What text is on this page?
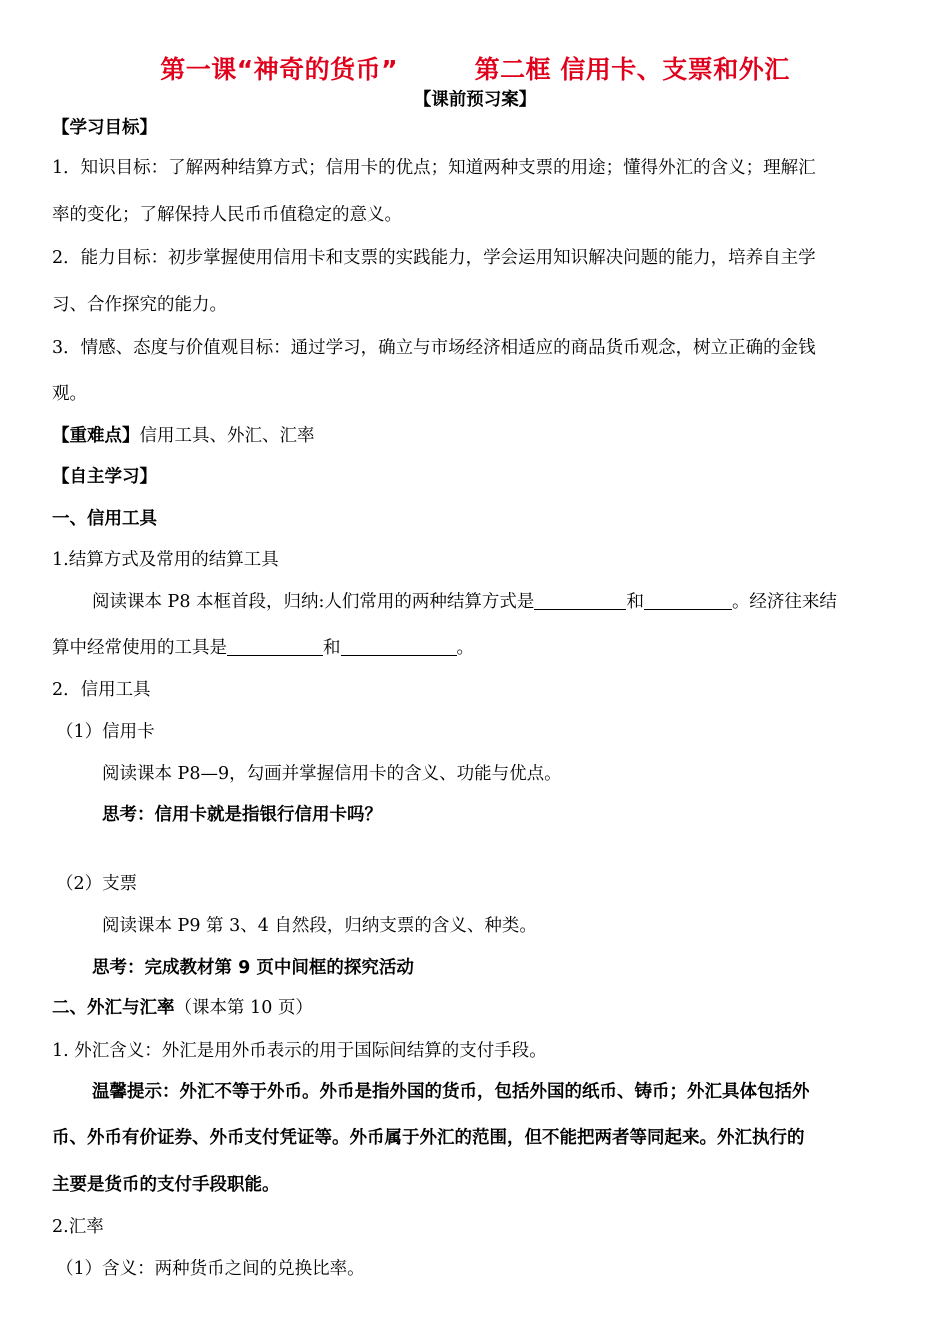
第一课“神奇的货币”　　　第二框 信用卡、支票和外汇
【课前预习案】
【学习目标】
1．知识目标：了解两种结算方式；信用卡的优点；知道两种支票的用途；懂得外汇的含义；理解汇
率的变化；了解保持人民币币值稳定的意义。
2．能力目标：初步掌握使用信用卡和支票的实践能力，学会运用知识解决问题的能力，培养自主学
习、合作探究的能力。
3．情感、态度与价值观目标：通过学习，确立与市场经济相适应的商品货币观念，树立正确的金钱
观。
【重难点】信用工具、外汇、汇率
【自主学习】
一、信用工具
1.结算方式及常用的结算工具
阅读课本 P8 本框首段，归纳:人们常用的两种结算方式是	和	。经济往来结
算中经常使用的工具是	和	。
2．信用工具
（1）信用卡
阅读课本 P8—9，勾画并掌握信用卡的含义、功能与优点。
思考：信用卡就是指银行信用卡吗？
（2）支票
阅读课本 P9 第 3、4 自然段，归纳支票的含义、种类。
思考：完成教材第 9 页中间框的探究活动
二、外汇与汇率（课本第 10 页）
1. 外汇含义：外汇是用外币表示的用于国际间结算的支付手段。
温馨提示：外汇不等于外币。外币是指外国的货币，包括外国的纸币、铸币；外汇具体包括外
币、外币有价证券、外币支付凭证等。外币属于外汇的范围，但不能把两者等同起来。外汇执行的
主要是货币的支付手段职能。
2.汇率
（1）含义：两种货币之间的兑换比率。
